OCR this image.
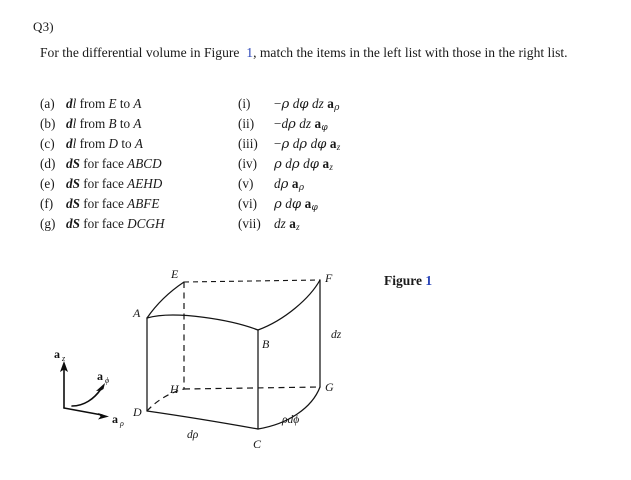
Q3)
For the differential volume in Figure 1, match the items in the left list with those in the right list.
(a) dl from E to A
(b) dl from B to A
(c) dl from D to A
(d) dS for face ABCD
(e) dS for face AEHD
(f) dS for face ABFE
(g) dS for face DCGH
(i)	−ρ dφ dz $a_\rho$
(ii)	−dρ dz $a_\varphi$
(iii)	−ρ dρ dφ $a_z$
(iv)	ρ dρ dφ $a_z$
(v)	dρ $a_\rho$
(vi)	ρ dφ $a_\varphi$
(vii)	dz $a_z$
Figure 1
E	F
A
B
H	G
D
C
dz
dρ
ρdϕ
a z
a ρ
a ϕ
